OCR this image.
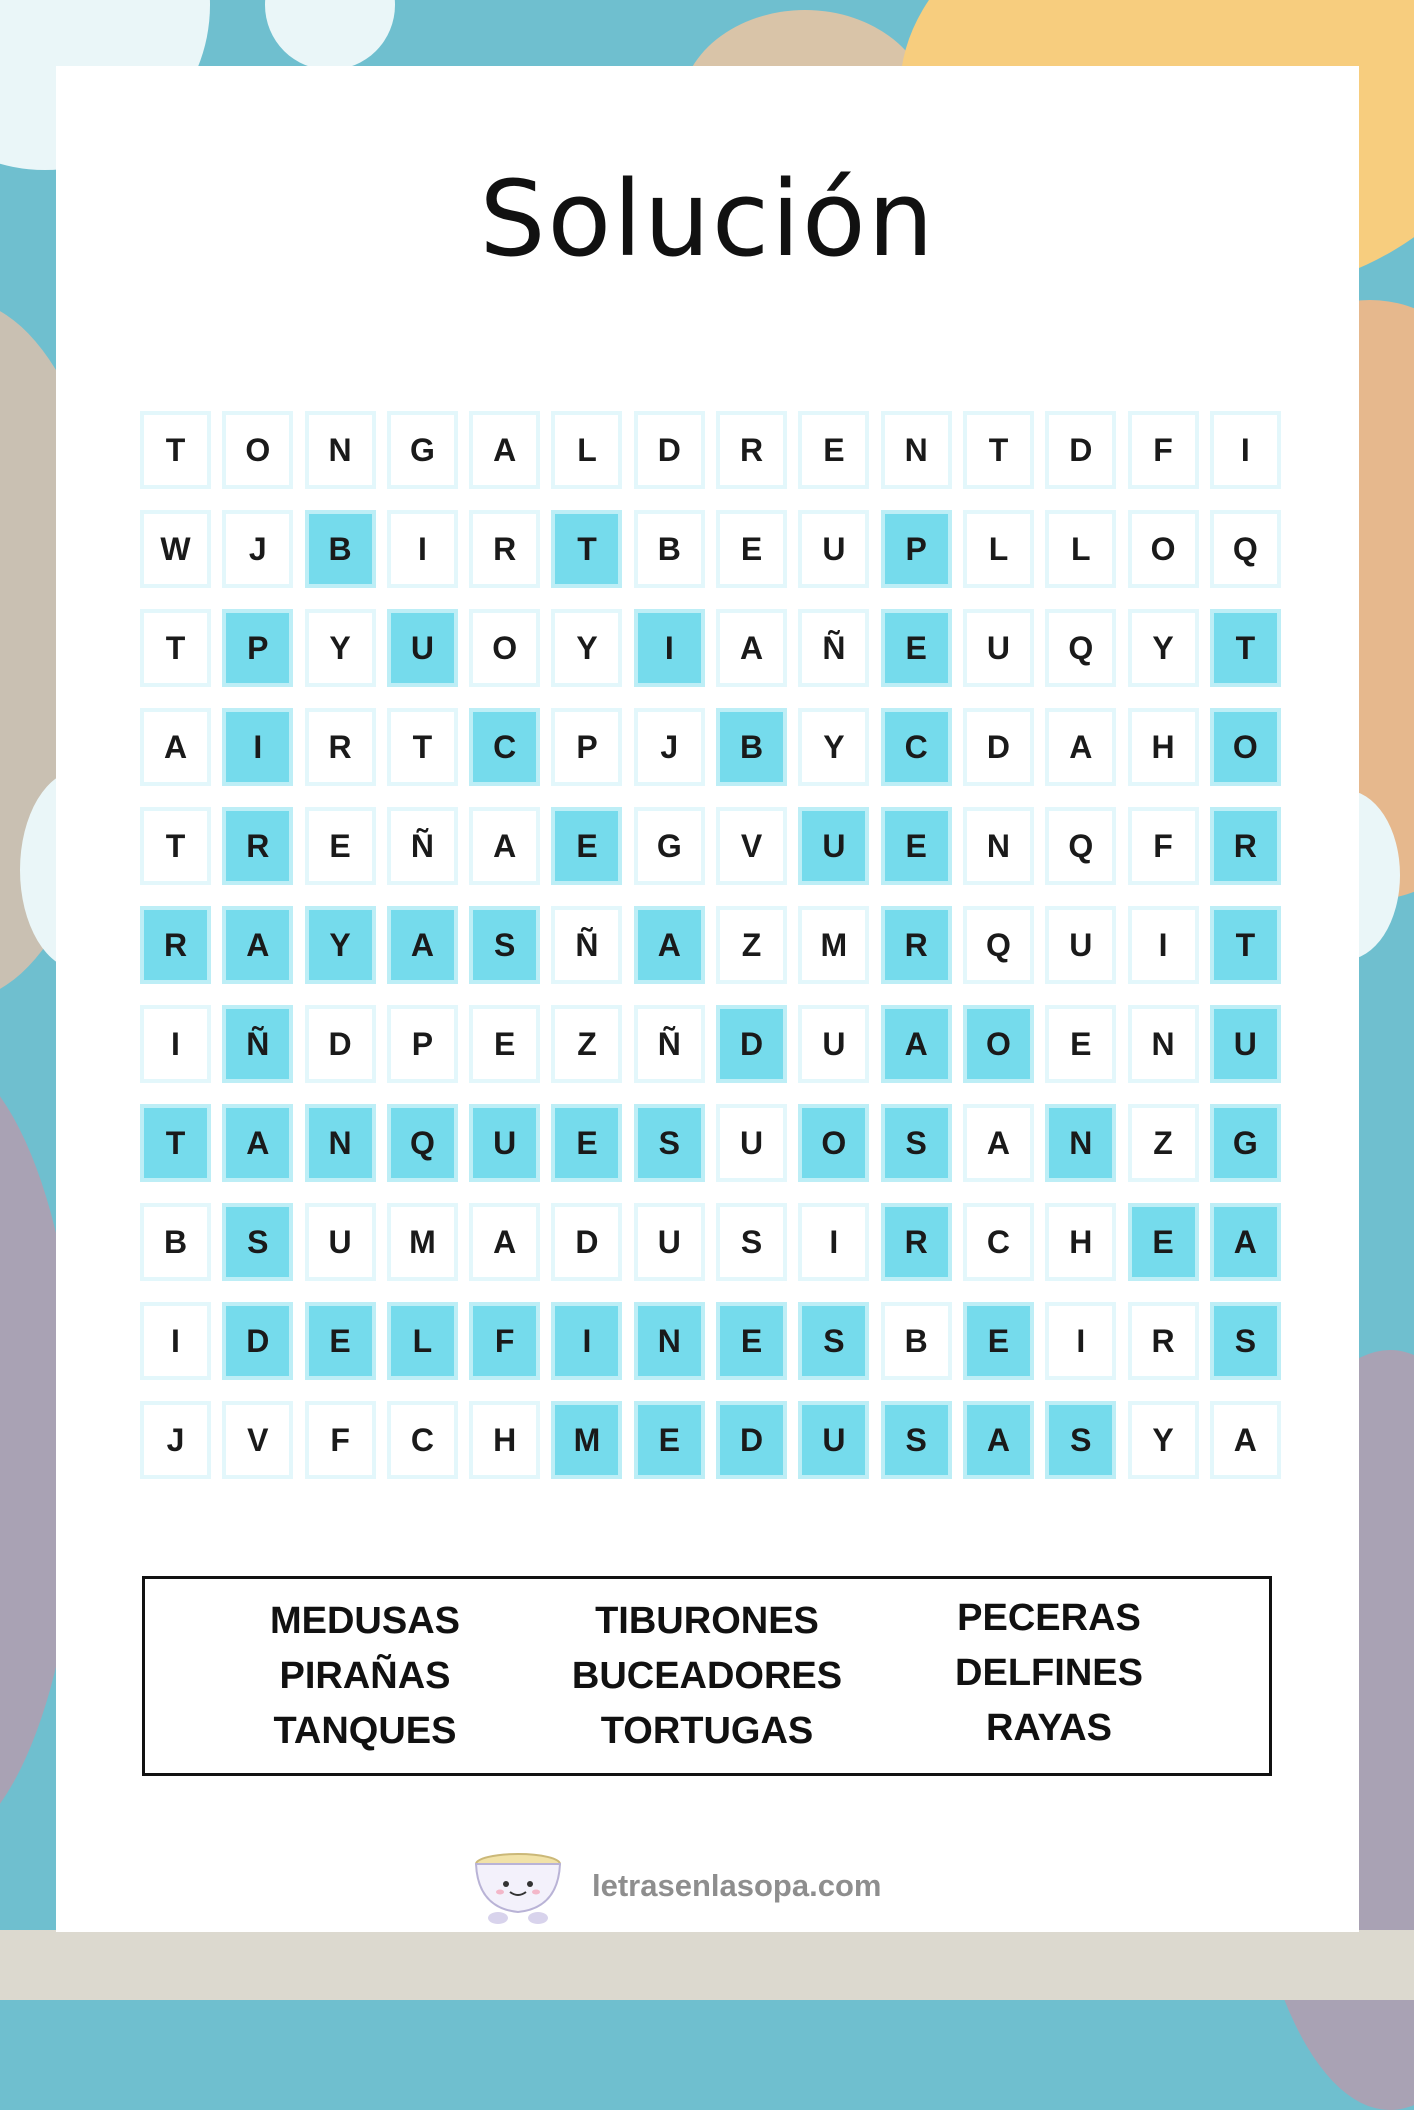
Solución
T	O	N	G	A	L	D	R	E	N	T	D	F	I
W	J	B	I	R	T	B	E	U	P	L	L	O	Q
T	P	Y	U	O	Y	I	A	Ñ	E	U	Q	Y	T
A	I	R	T	C	P	J	B	Y	C	D	A	H	O
T	R	E	Ñ	A	E	G	V	U	E	N	Q	F	R
R	A	Y	A	S	Ñ	A	Z	M	R	Q	U	I	T
I	Ñ	D	P	E	Z	Ñ	D	U	A	O	E	N	U
T	A	N	Q	U	E	S	U	O	S	A	N	Z	G
B	S	U	M	A	D	U	S	I	R	C	H	E	A
I	D	E	L	F	I	N	E	S	B	E	I	R	S
J	V	F	C	H	M	E	D	U	S	A	S	Y	A
MEDUSAS
PIRAÑAS
TANQUES
TIBURONES
BUCEADORES
TORTUGAS
PECERAS
DELFINES
RAYAS
letrasenlasopa.com
